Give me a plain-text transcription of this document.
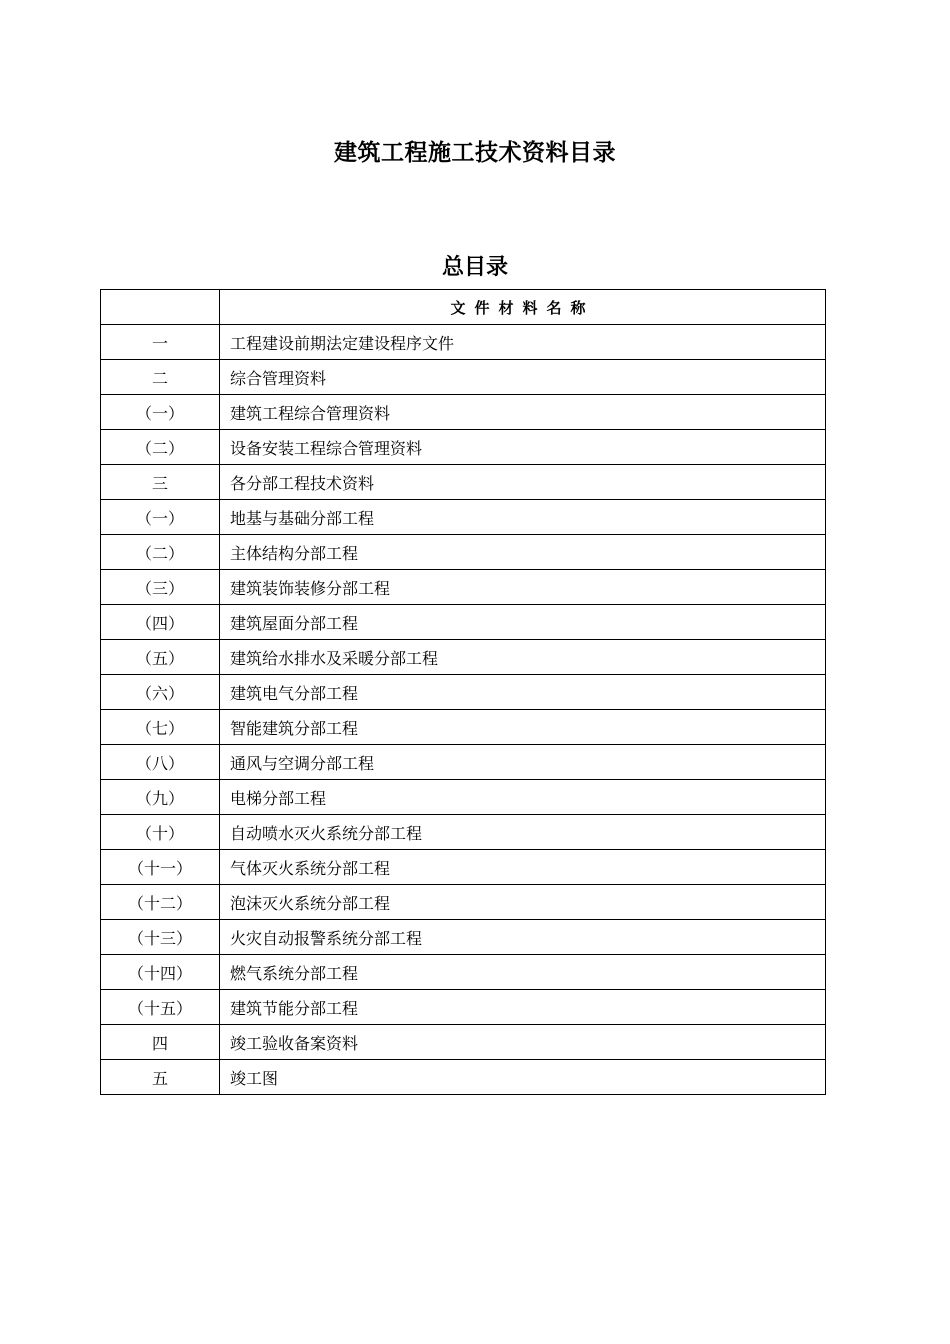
建筑工程施工技术资料目录
总目录
	文件材料名称
一	工程建设前期法定建设程序文件
二	综合管理资料
（一）	建筑工程综合管理资料
（二）	设备安装工程综合管理资料
三	各分部工程技术资料
（一）	地基与基础分部工程
（二）	主体结构分部工程
（三）	建筑装饰装修分部工程
（四）	建筑屋面分部工程
（五）	建筑给水排水及采暖分部工程
（六）	建筑电气分部工程
（七）	智能建筑分部工程
（八）	通风与空调分部工程
（九）	电梯分部工程
（十）	自动喷水灭火系统分部工程
（十一）	气体灭火系统分部工程
（十二）	泡沫灭火系统分部工程
（十三）	火灾自动报警系统分部工程
（十四）	燃气系统分部工程
（十五）	建筑节能分部工程
四	竣工验收备案资料
五	竣工图
